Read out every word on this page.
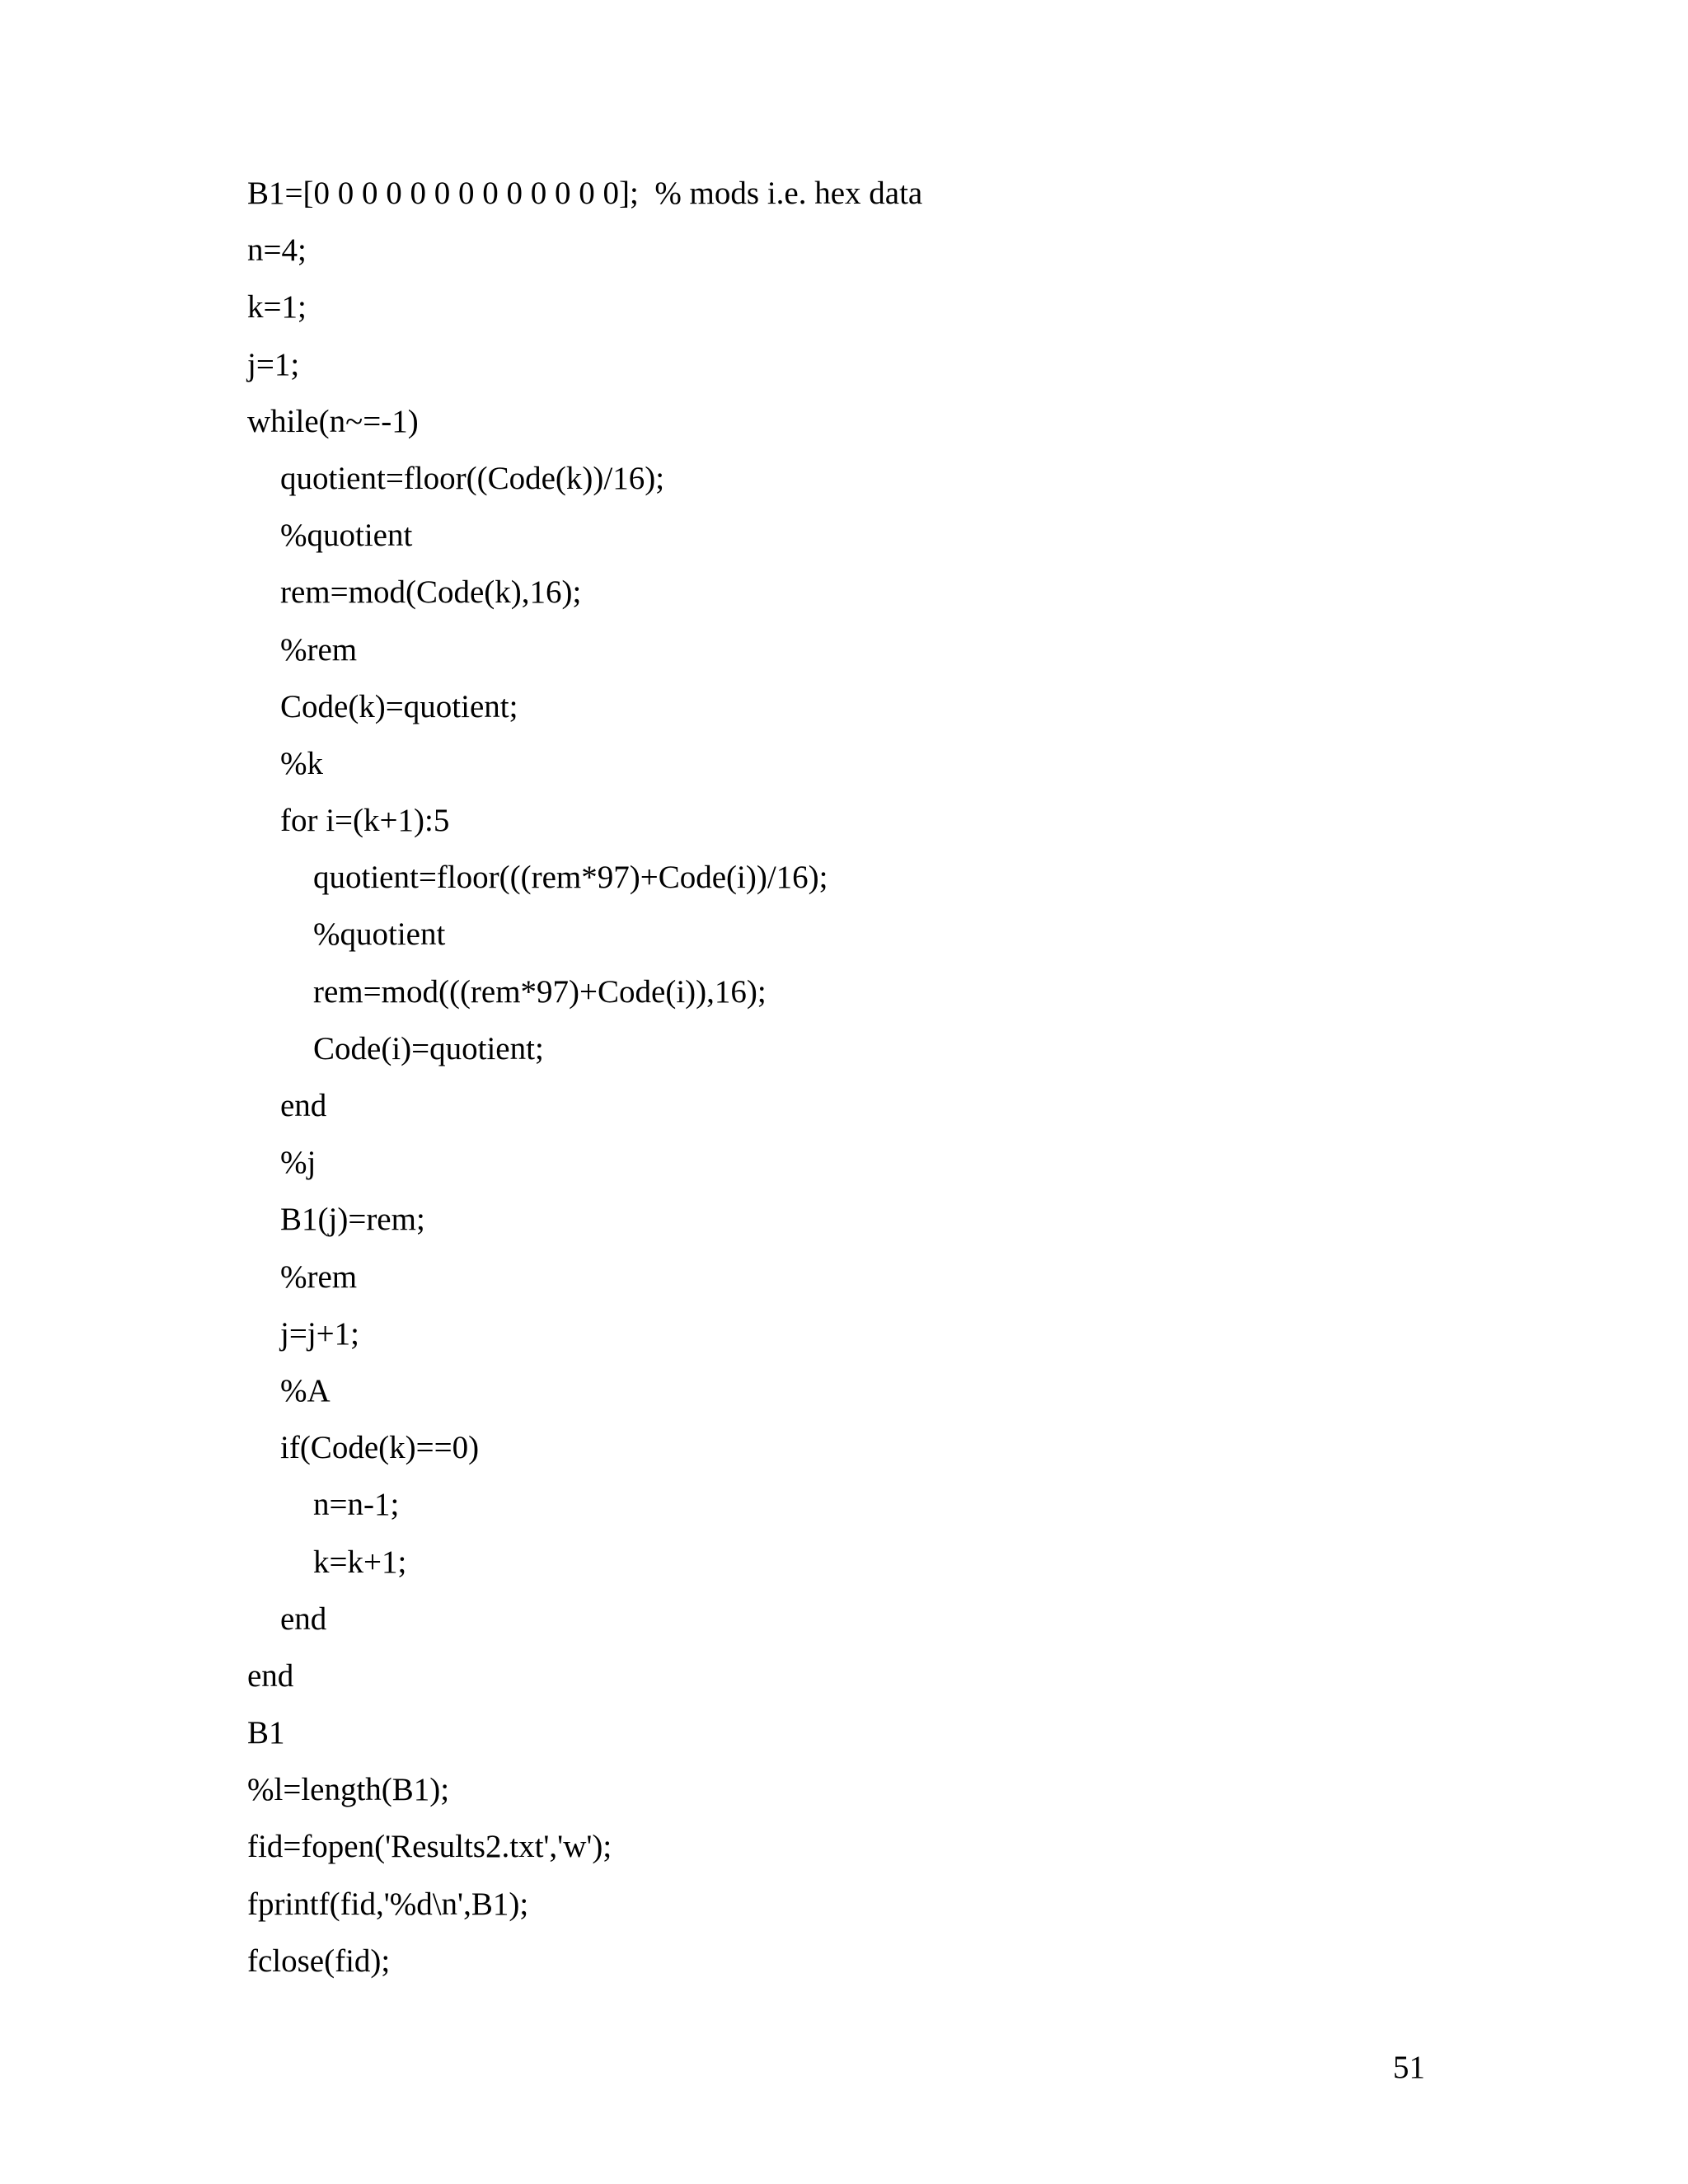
B1=[0 0 0 0 0 0 0 0 0 0 0 0 0];  % mods i.e. hex data
n=4;
k=1;
j=1;
while(n~=-1)
quotient=floor((Code(k))/16);
%quotient
rem=mod(Code(k),16);
%rem
Code(k)=quotient;
%k
for i=(k+1):5
quotient=floor(((rem*97)+Code(i))/16);
%quotient
rem=mod(((rem*97)+Code(i)),16);
Code(i)=quotient;
end
%j
B1(j)=rem;
%rem
j=j+1;
%A
if(Code(k)==0)
n=n-1;
k=k+1;
end
end
B1
%l=length(B1);
fid=fopen('Results2.txt','w');
fprintf(fid,'%d\n',B1);
fclose(fid);
51
